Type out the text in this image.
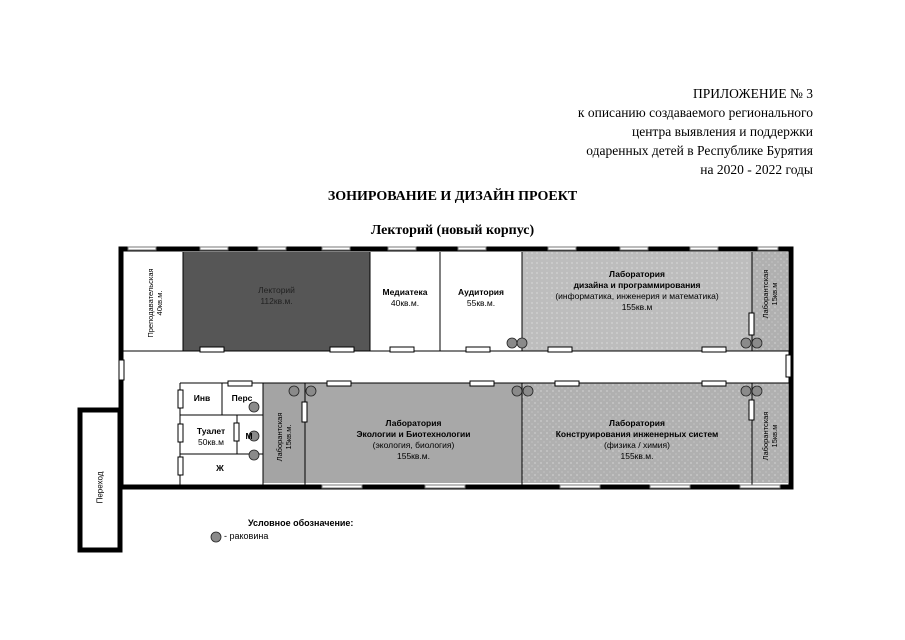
ПРИЛОЖЕНИЕ № 3
к описанию создаваемого регионального
центра выявления и поддержки
одаренных детей в Республике Бурятия
на 2020 - 2022 годы
ЗОНИРОВАНИЕ И ДИЗАЙН ПРОЕКТ
Лекторий (новый корпус)
Преподавательская 40кв.м.
Лекторий
112кв.м.
Медиатека
40кв.м.
Аудитория
55кв.м.
Лаборатория
дизайна и программирования
(информатика, инженерия и математика)
155кв.м	Лаборантская 15кв.м
Инв	Перс
Туалет
50кв.м
М
Ж
Лаборантская 15кв.м.
Лаборатория
Экологии и Биотехнологии
(экология, биология)
155кв.м.
Лаборатория
Конструирования инженерных систем
(физика / химия)
155кв.м.	Лаборантская 15кв.м
Переход
Условное обозначение:
- раковина
